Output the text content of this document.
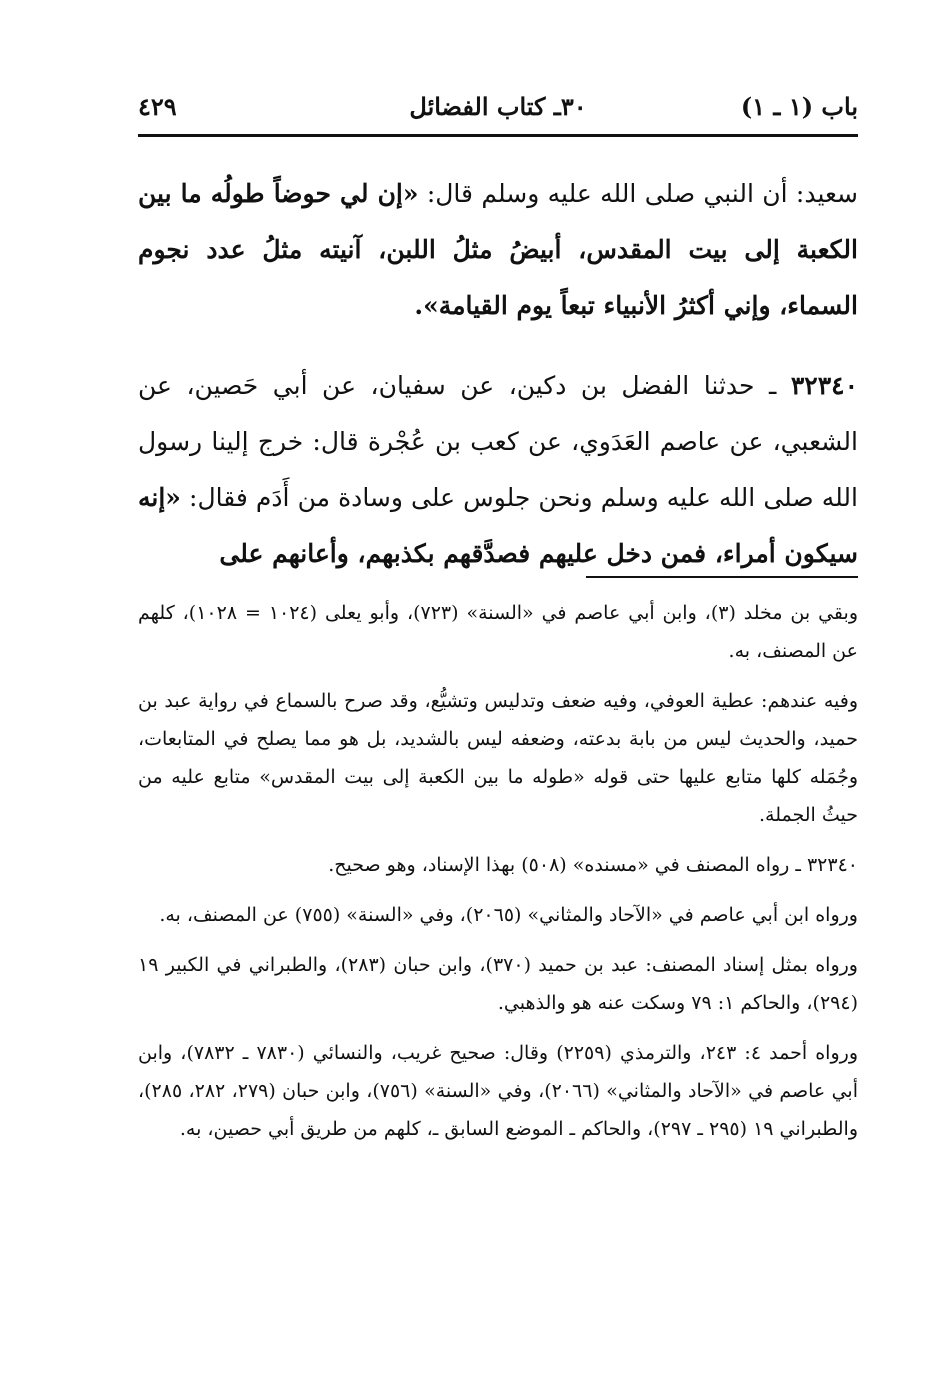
باب (١ ـ ١)
٣٠ـ كتاب الفضائل
٤٢٩

سعيد: أن النبي صلى الله عليه وسلم قال: «إن لي حوضاً طولُه ما بين الكعبة إلى بيت المقدس، أبيضُ مثلُ اللبن، آنيته مثلُ عدد نجوم السماء، وإني أكثرُ الأنبياء تبعاً يوم القيامة».

٣٢٣٤٠ ـ حدثنا الفضل بن دكين، عن سفيان، عن أبي حَصين، عن الشعبي، عن عاصم العَدَوي، عن كعب بن عُجْرة قال: خرج إلينا رسول الله صلى الله عليه وسلم ونحن جلوس على وسادة من أَدَم فقال: «إنه سيكون أمراء، فمن دخل عليهم فصدَّقهم بكذبهم، وأعانهم على

وبقي بن مخلد (٣)، وابن أبي عاصم في «السنة» (٧٢٣)، وأبو يعلى (١٠٢٤ = ١٠٢٨)، كلهم عن المصنف، به.

وفيه عندهم: عطية العوفي، وفيه ضعف وتدليس وتشيُّع، وقد صرح بالسماع في رواية عبد بن حميد، والحديث ليس من بابة بدعته، وضعفه ليس بالشديد، بل هو مما يصلح في المتابعات، وجُمَله كلها متابع عليها حتى قوله «طوله ما بين الكعبة إلى بيت المقدس» متابع عليه من حيثُ الجملة.

٣٢٣٤٠ ـ رواه المصنف في «مسنده» (٥٠٨) بهذا الإسناد، وهو صحيح.

ورواه ابن أبي عاصم في «الآحاد والمثاني» (٢٠٦٥)، وفي «السنة» (٧٥٥) عن المصنف، به.

ورواه بمثل إسناد المصنف: عبد بن حميد (٣٧٠)، وابن حبان (٢٨٣)، والطبراني في الكبير ١٩ (٢٩٤)، والحاكم ١: ٧٩ وسكت عنه هو والذهبي.

ورواه أحمد ٤: ٢٤٣، والترمذي (٢٢٥٩) وقال: صحيح غريب، والنسائي (٧٨٣٠ ـ ٧٨٣٢)، وابن أبي عاصم في «الآحاد والمثاني» (٢٠٦٦)، وفي «السنة» (٧٥٦)، وابن حبان (٢٧٩، ٢٨٢، ٢٨٥)، والطبراني ١٩ (٢٩٥ ـ ٢٩٧)، والحاكم ـ الموضع السابق ـ، كلهم من طريق أبي حصين، به.
